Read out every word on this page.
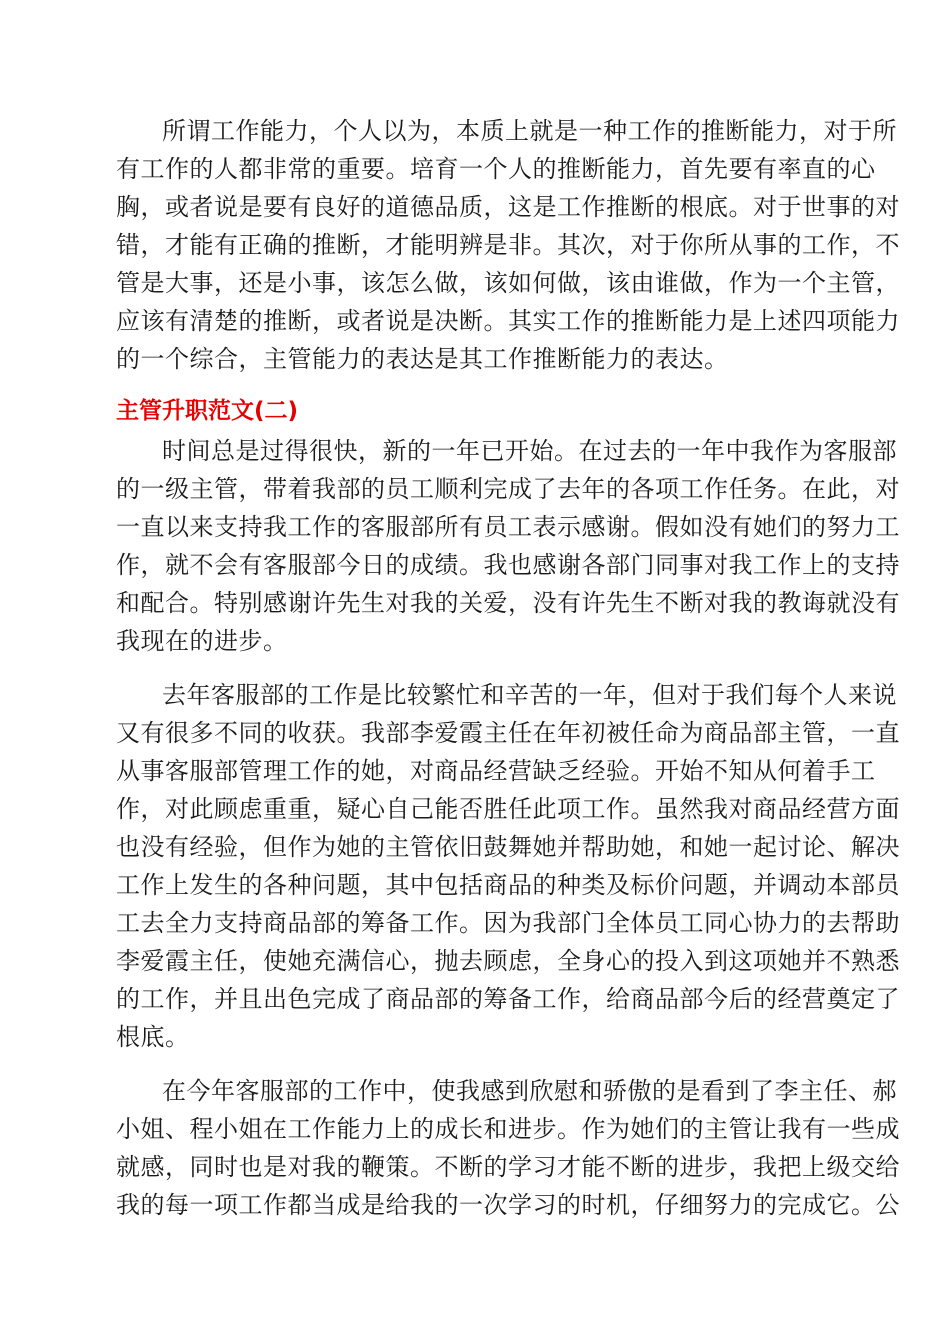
所谓工作能力，个人以为，本质上就是一种工作的推断能力，对于所
有工作的人都非常的重要。培育一个人的推断能力，首先要有率直的心
胸，或者说是要有良好的道德品质，这是工作推断的根底。对于世事的对
错，才能有正确的推断，才能明辨是非。其次，对于你所从事的工作，不
管是大事，还是小事，该怎么做，该如何做，该由谁做，作为一个主管，
应该有清楚的推断，或者说是决断。其实工作的推断能力是上述四项能力
的一个综合，主管能力的表达是其工作推断能力的表达。
主管升职范文(二)
时间总是过得很快，新的一年已开始。在过去的一年中我作为客服部
的一级主管，带着我部的员工顺利完成了去年的各项工作任务。在此，对
一直以来支持我工作的客服部所有员工表示感谢。假如没有她们的努力工
作，就不会有客服部今日的成绩。我也感谢各部门同事对我工作上的支持
和配合。特别感谢许先生对我的关爱，没有许先生不断对我的教诲就没有
我现在的进步。
去年客服部的工作是比较繁忙和辛苦的一年，但对于我们每个人来说
又有很多不同的收获。我部李爱霞主任在年初被任命为商品部主管，一直
从事客服部管理工作的她，对商品经营缺乏经验。开始不知从何着手工
作，对此顾虑重重，疑心自己能否胜任此项工作。虽然我对商品经营方面
也没有经验，但作为她的主管依旧鼓舞她并帮助她，和她一起讨论、解决
工作上发生的各种问题，其中包括商品的种类及标价问题，并调动本部员
工去全力支持商品部的筹备工作。因为我部门全体员工同心协力的去帮助
李爱霞主任，使她充满信心，抛去顾虑，全身心的投入到这项她并不熟悉
的工作，并且出色完成了商品部的筹备工作，给商品部今后的经营奠定了
根底。
在今年客服部的工作中，使我感到欣慰和骄傲的是看到了李主任、郝
小姐、程小姐在工作能力上的成长和进步。作为她们的主管让我有一些成
就感，同时也是对我的鞭策。不断的学习才能不断的进步，我把上级交给
我的每一项工作都当成是给我的一次学习的时机，仔细努力的完成它。公
